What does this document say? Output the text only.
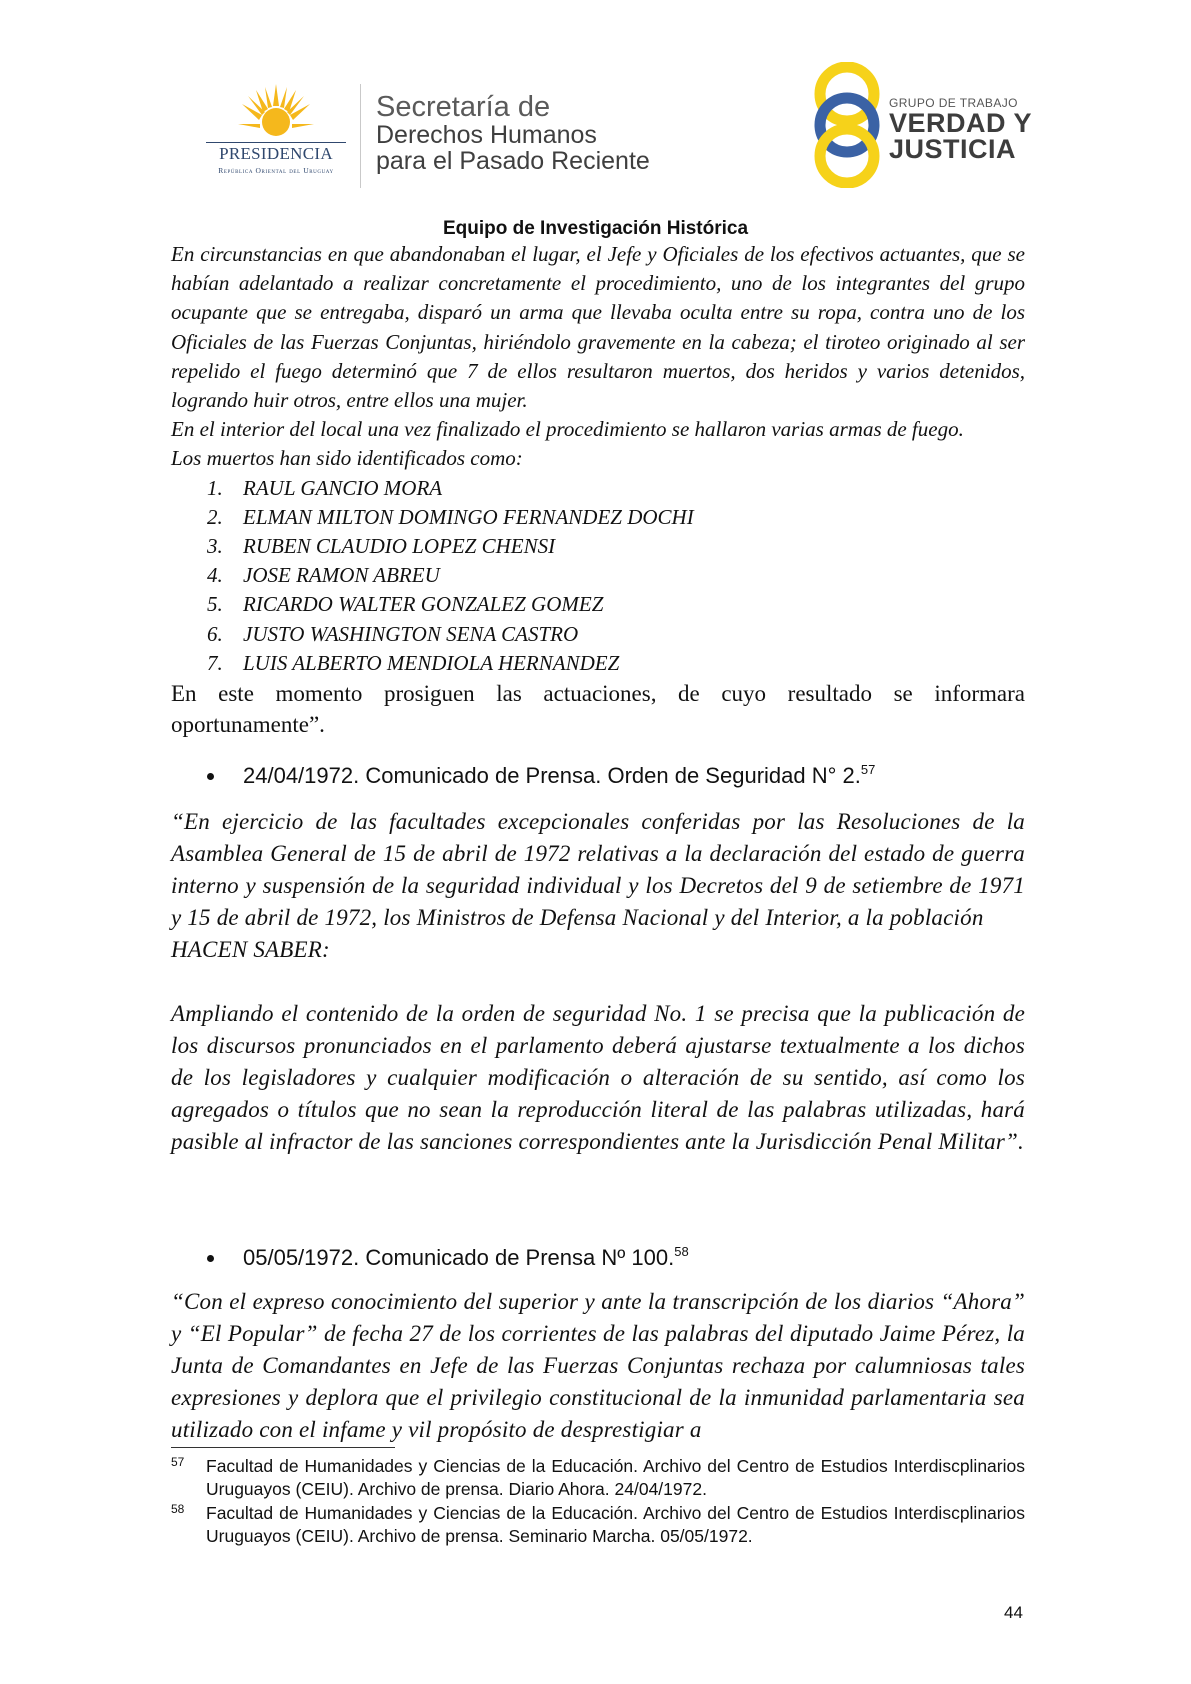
PRESIDENCIA
República Oriental del Uruguay
Secretaría de
Derechos Humanos
para el Pasado Reciente
GRUPO DE TRABAJO
VERDAD Y
JUSTICIA
Equipo de Investigación Histórica

En circunstancias en que abandonaban el lugar, el Jefe y Oficiales de los efectivos actuantes, que se habían adelantado a realizar concretamente el procedimiento, uno de los integrantes del grupo ocupante que se entregaba, disparó un arma que llevaba oculta entre su ropa, contra uno de los Oficiales de las Fuerzas Conjuntas, hiriéndolo gravemente en la cabeza; el tiroteo originado al ser repelido el fuego determinó que 7 de ellos resultaron muertos, dos heridos y varios detenidos, logrando huir otros, entre ellos una mujer.

En el interior del local una vez finalizado el procedimiento se hallaron varias armas de fuego.

Los muertos han sido identificados como:

1. RAUL GANCIO MORA
2. ELMAN MILTON DOMINGO FERNANDEZ DOCHI
3. RUBEN CLAUDIO LOPEZ CHENSI
4. JOSE RAMON ABREU
5. RICARDO WALTER GONZALEZ GOMEZ
6. JUSTO WASHINGTON SENA CASTRO
7. LUIS ALBERTO MENDIOLA HERNANDEZ

En este momento prosiguen las actuaciones, de cuyo resultado se informara oportunamente”.

24/04/1972. Comunicado de Prensa. Orden de Seguridad N° 2.57

“En ejercicio de las facultades excepcionales conferidas por las Resoluciones de la Asamblea General de 15 de abril de 1972 relativas a la declaración del estado de guerra interno y suspensión de la seguridad individual y los Decretos del 9 de setiembre de 1971 y 15 de abril de 1972, los Ministros de Defensa Nacional y del Interior, a la población

HACEN SABER:

Ampliando el contenido de la orden de seguridad No. 1 se precisa que la publicación de los discursos pronunciados en el parlamento deberá ajustarse textualmente a los dichos de los legisladores y cualquier modificación o alteración de su sentido, así como los agregados o títulos que no sean la reproducción literal de las palabras utilizadas, hará pasible al infractor de las sanciones correspondientes ante la Jurisdicción Penal Militar”.

05/05/1972. Comunicado de Prensa Nº 100.58

“Con el expreso conocimiento del superior y ante la transcripción de los diarios “Ahora” y “El Popular” de fecha 27 de los corrientes de las palabras del diputado Jaime Pérez, la Junta de Comandantes en Jefe de las Fuerzas Conjuntas rechaza por calumniosas tales expresiones y deplora que el privilegio constitucional de la inmunidad parlamentaria sea utilizado con el infame y vil propósito de desprestigiar a

57 Facultad de Humanidades y Ciencias de la Educación. Archivo del Centro de Estudios Interdiscplinarios Uruguayos (CEIU). Archivo de prensa. Diario Ahora. 24/04/1972.
58 Facultad de Humanidades y Ciencias de la Educación. Archivo del Centro de Estudios Interdiscplinarios Uruguayos (CEIU). Archivo de prensa. Seminario Marcha. 05/05/1972.
44
